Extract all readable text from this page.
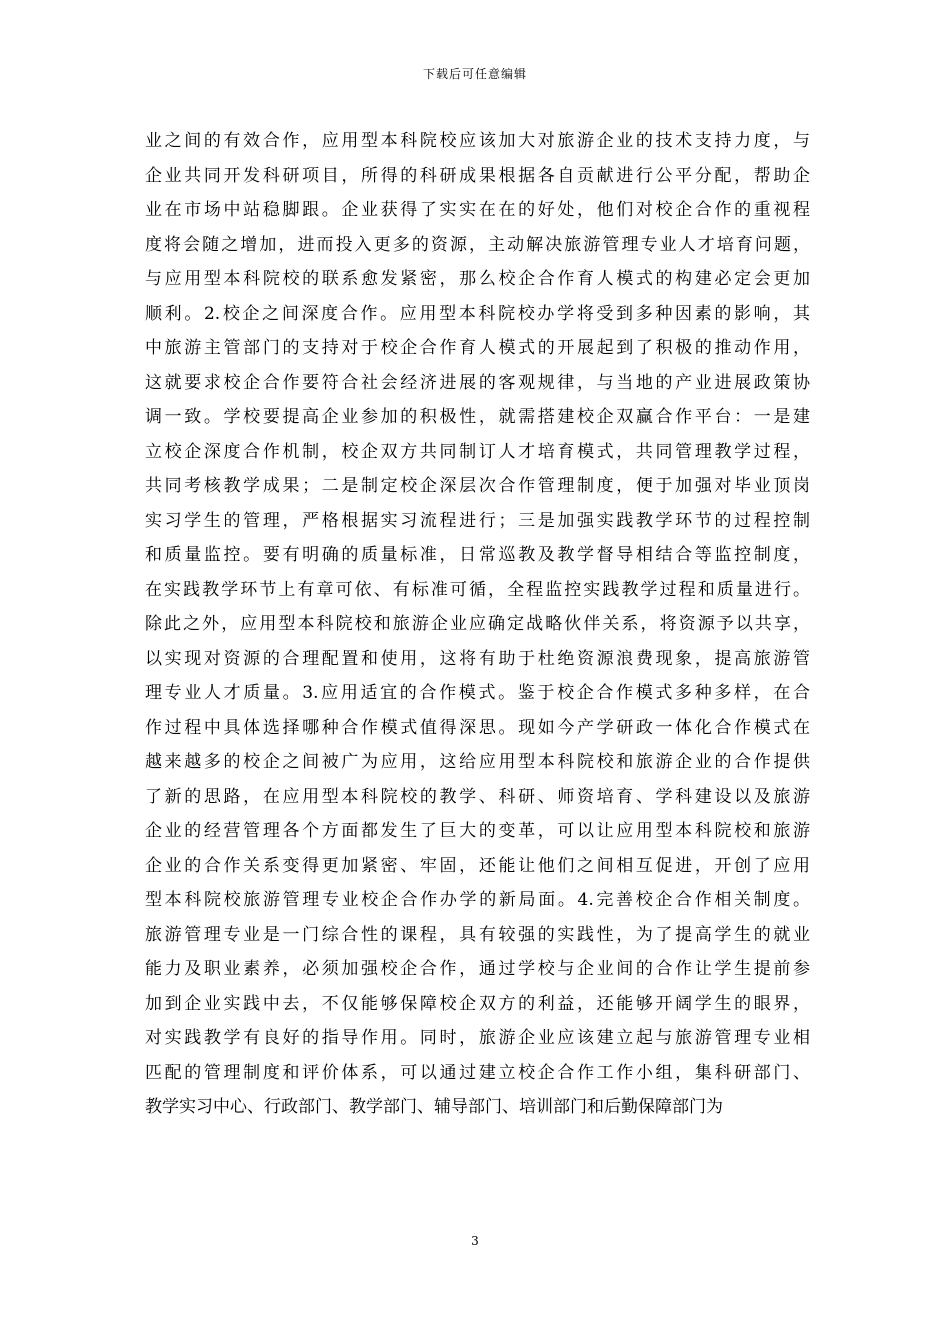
下载后可任意编辑
业之间的有效合作，应用型本科院校应该加大对旅游企业的技术支持力度，与
企业共同开发科研项目，所得的科研成果根据各自贡献进行公平分配，帮助企
业在市场中站稳脚跟。企业获得了实实在在的好处，他们对校企合作的重视程
度将会随之增加，进而投入更多的资源，主动解决旅游管理专业人才培育问题，
与应用型本科院校的联系愈发紧密，那么校企合作育人模式的构建必定会更加
顺利。2.校企之间深度合作。应用型本科院校办学将受到多种因素的影响，其
中旅游主管部门的支持对于校企合作育人模式的开展起到了积极的推动作用，
这就要求校企合作要符合社会经济进展的客观规律，与当地的产业进展政策协
调一致。学校要提高企业参加的积极性，就需搭建校企双赢合作平台：一是建
立校企深度合作机制，校企双方共同制订人才培育模式，共同管理教学过程，
共同考核教学成果；二是制定校企深层次合作管理制度，便于加强对毕业顶岗
实习学生的管理，严格根据实习流程进行；三是加强实践教学环节的过程控制
和质量监控。要有明确的质量标准，日常巡教及教学督导相结合等监控制度，
在实践教学环节上有章可依、有标准可循，全程监控实践教学过程和质量进行。
除此之外，应用型本科院校和旅游企业应确定战略伙伴关系，将资源予以共享，
以实现对资源的合理配置和使用，这将有助于杜绝资源浪费现象，提高旅游管
理专业人才质量。3.应用适宜的合作模式。鉴于校企合作模式多种多样，在合
作过程中具体选择哪种合作模式值得深思。现如今产学研政一体化合作模式在
越来越多的校企之间被广为应用，这给应用型本科院校和旅游企业的合作提供
了新的思路，在应用型本科院校的教学、科研、师资培育、学科建设以及旅游
企业的经营管理各个方面都发生了巨大的变革，可以让应用型本科院校和旅游
企业的合作关系变得更加紧密、牢固，还能让他们之间相互促进，开创了应用
型本科院校旅游管理专业校企合作办学的新局面。4.完善校企合作相关制度。
旅游管理专业是一门综合性的课程，具有较强的实践性，为了提高学生的就业
能力及职业素养，必须加强校企合作，通过学校与企业间的合作让学生提前参
加到企业实践中去，不仅能够保障校企双方的利益，还能够开阔学生的眼界，
对实践教学有良好的指导作用。同时，旅游企业应该建立起与旅游管理专业相
匹配的管理制度和评价体系，可以通过建立校企合作工作小组，集科研部门、
教学实习中心、行政部门、教学部门、辅导部门、培训部门和后勤保障部门为
3
